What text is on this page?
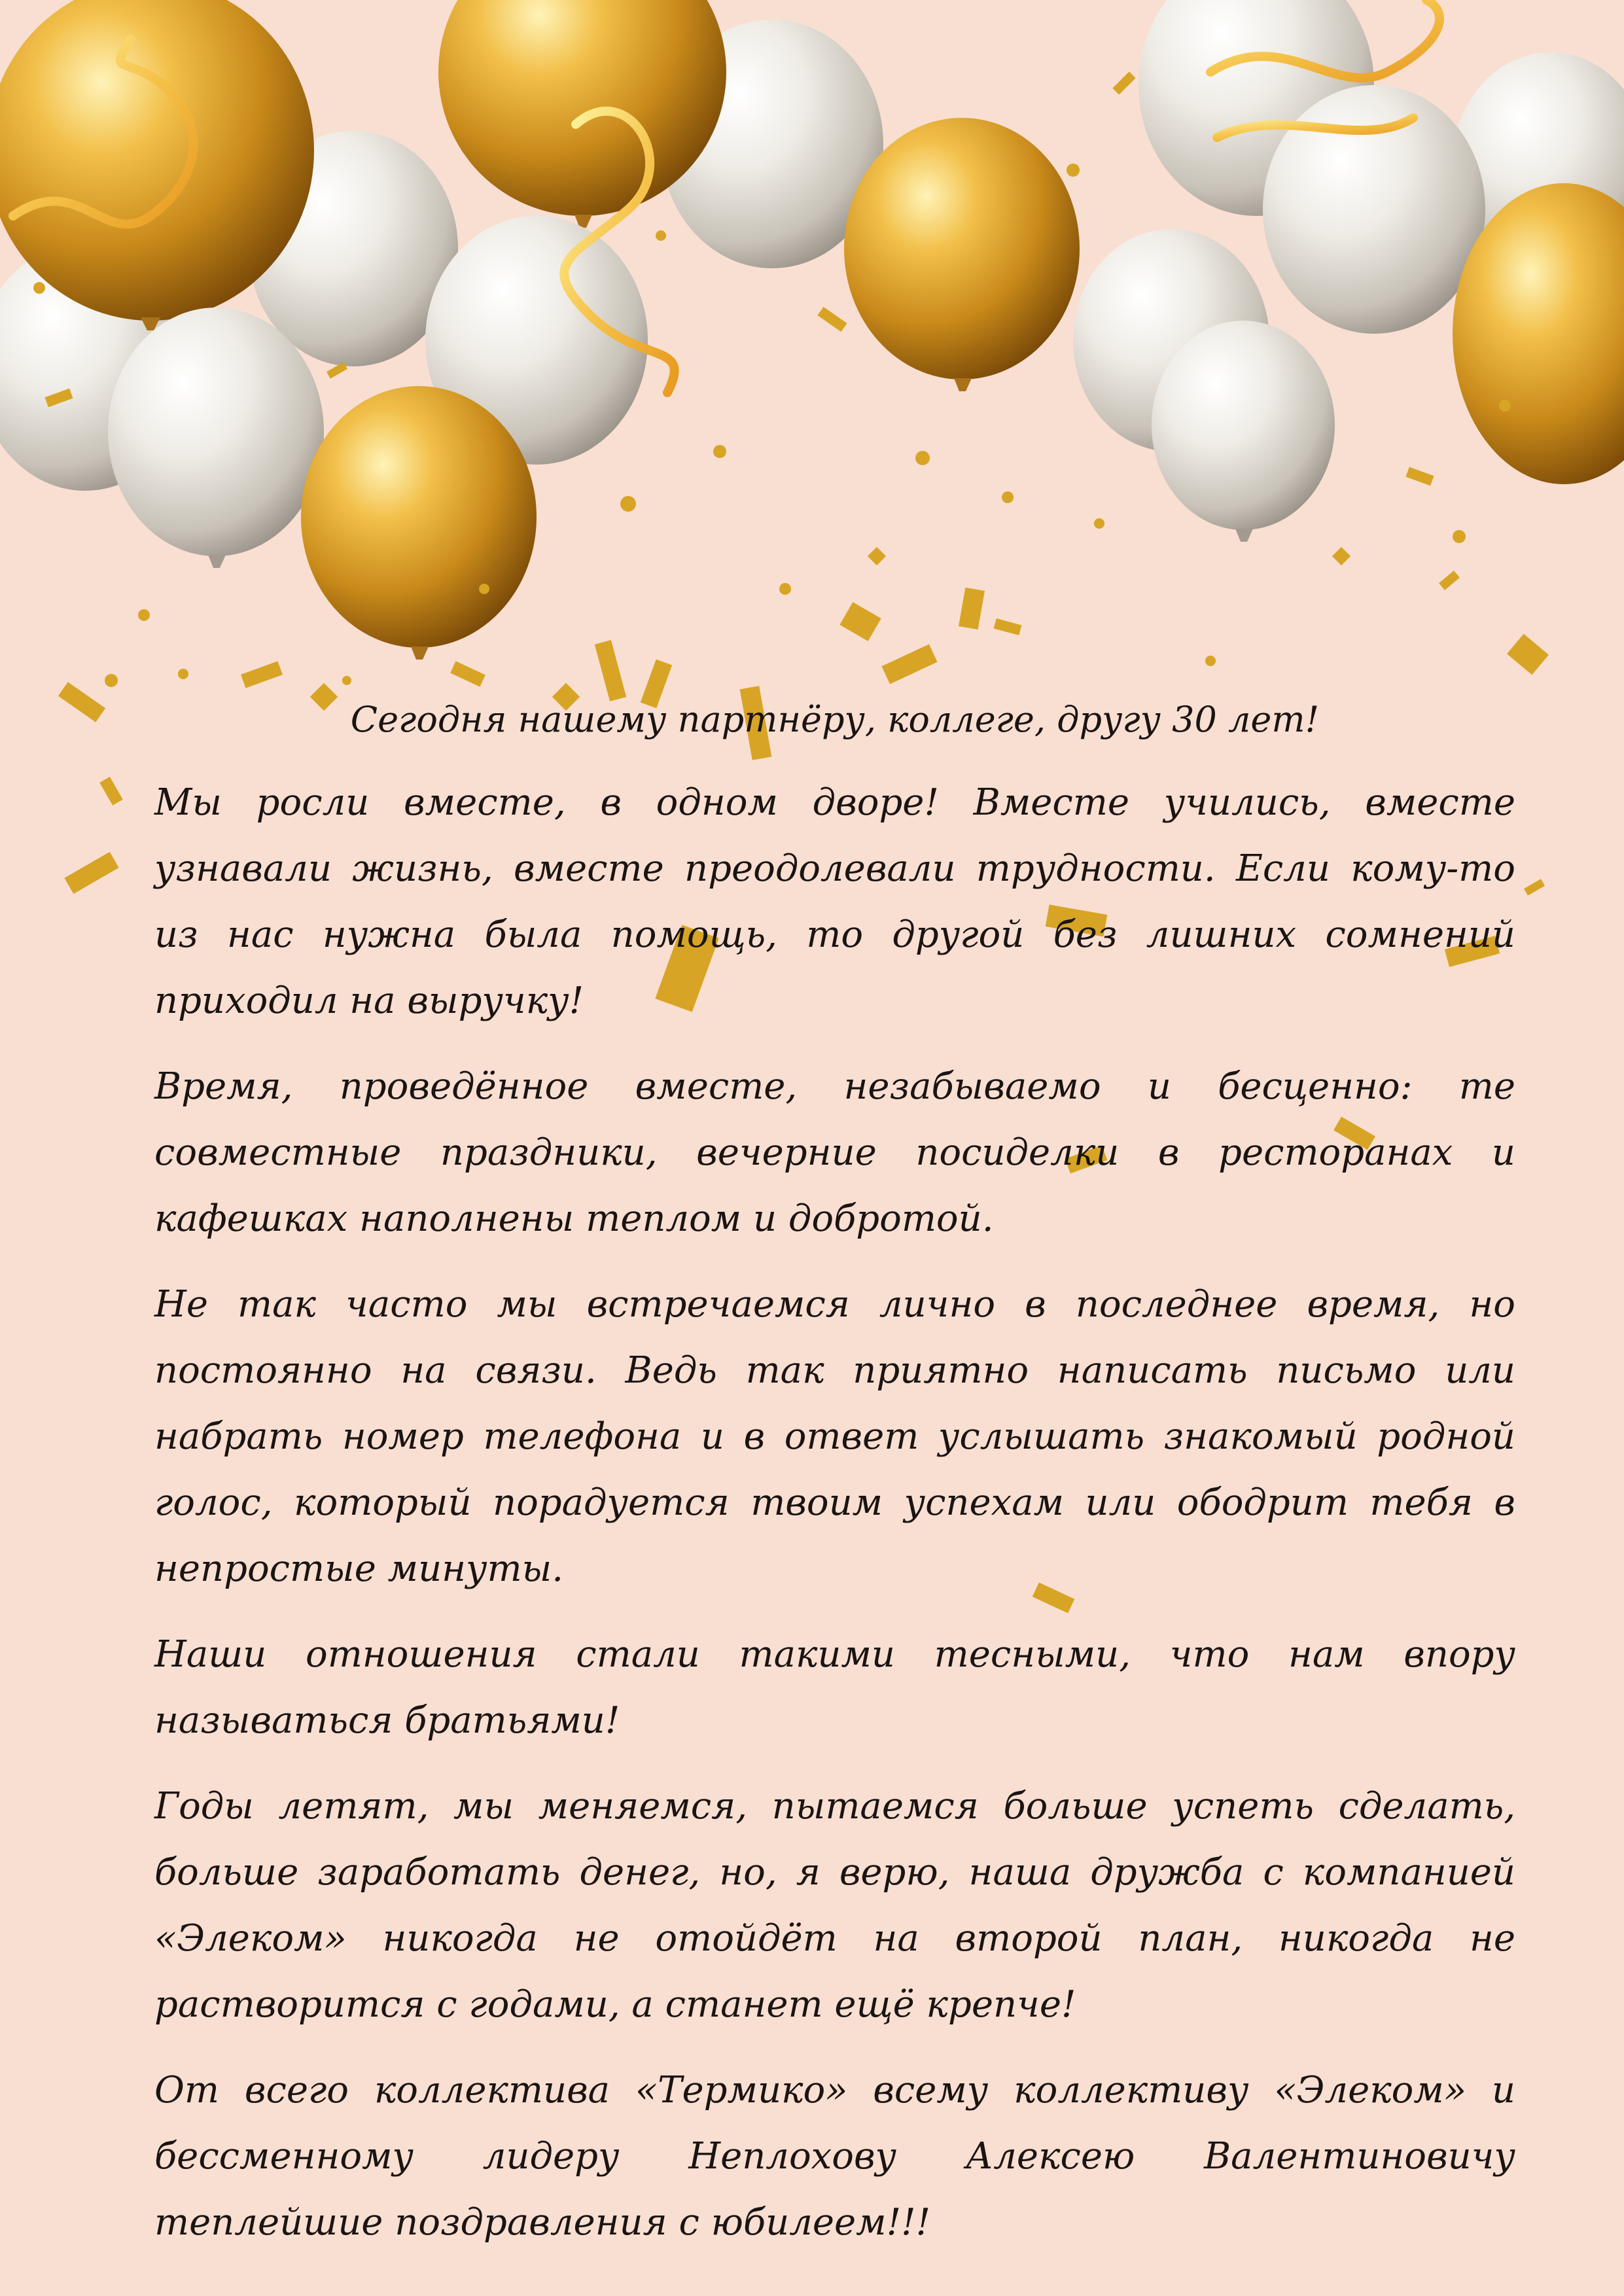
Сегодня нашему партнёру, коллеге, другу 30 лет!

Мы росли вместе, в одном дворе! Вместе учились, вместе узнавали жизнь, вместе преодолевали трудности. Если кому-то из нас нужна была помощь, то другой без лишних сомнений приходил на выручку!

Время, проведённое вместе, незабываемо и бесценно: те совместные праздники, вечерние посиделки в ресторанах и кафешках наполнены теплом и добротой.

Не так часто мы встречаемся лично в последнее время, но постоянно на связи. Ведь так приятно написать письмо или набрать номер телефона и в ответ услышать знакомый родной голос, который порадуется твоим успехам или ободрит тебя в непростые минуты.

Наши отношения стали такими тесными, что нам впору называться братьями!

Годы летят, мы меняемся, пытаемся больше успеть сделать, больше заработать денег, но, я верю, наша дружба с компанией «Элеком» никогда не отойдёт на второй план, никогда не растворится с годами, а станет ещё крепче!

От всего коллектива «Термико» всему коллективу «Элеком» и бессменному лидеру Неплохову Алексею Валентиновичу теплейшие поздравления с юбилеем!!!
